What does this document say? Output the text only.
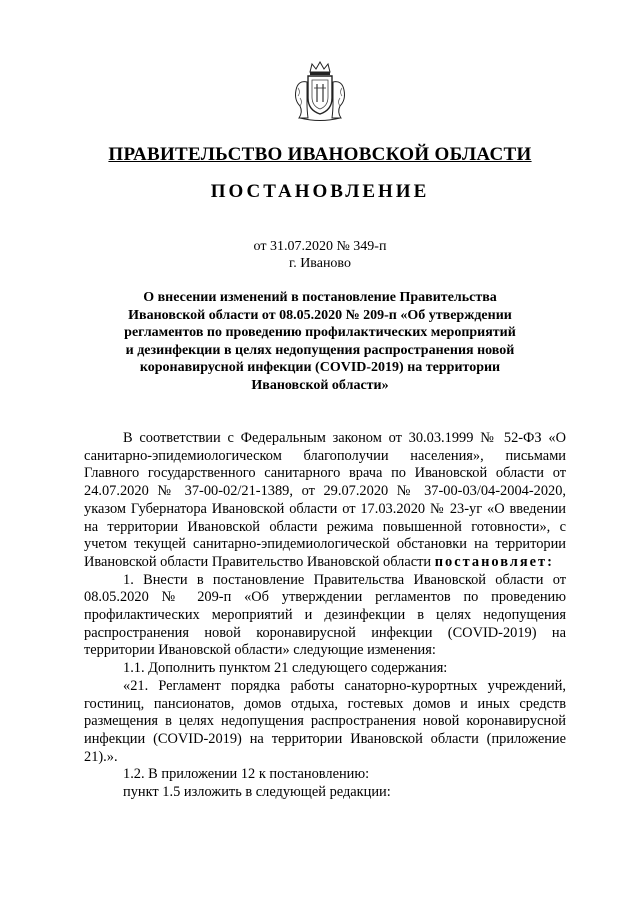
ПРАВИТЕЛЬСТВО ИВАНОВСКОЙ ОБЛАСТИ
ПОСТАНОВЛЕНИЕ
от 31.07.2020 № 349-п
г. Иваново
О внесении изменений в постановление Правительства
Ивановской области от 08.05.2020 № 209-п «Об утверждении
регламентов по проведению профилактических мероприятий
и дезинфекции в целях недопущения распространения новой
коронавирусной инфекции (COVID-2019) на территории
Ивановской области»

В соответствии с Федеральным законом от 30.03.1999 № 52-ФЗ «О санитарно-эпидемиологическом благополучии населения», письмами Главного государственного санитарного врача по Ивановской области от 24.07.2020 № 37-00-02/21-1389, от 29.07.2020 № 37-00-03/04-2004-2020, указом Губернатора Ивановской области от 17.03.2020 № 23-уг «О введении на территории Ивановской области режима повышенной готовности», с учетом текущей санитарно-эпидемиологической обстановки на территории Ивановской области Правительство Ивановской области постановляет:

1. Внести в постановление Правительства Ивановской области от 08.05.2020 № 209-п «Об утверждении регламентов по проведению профилактических мероприятий и дезинфекции в целях недопущения распространения новой коронавирусной инфекции (COVID-2019) на территории Ивановской области» следующие изменения:

1.1. Дополнить пунктом 21 следующего содержания:

«21. Регламент порядка работы санаторно-курортных учреждений, гостиниц, пансионатов, домов отдыха, гостевых домов и иных средств размещения в целях недопущения распространения новой коронавирусной инфекции (COVID-2019) на территории Ивановской области (приложение 21).».

1.2. В приложении 12 к постановлению:

пункт 1.5 изложить в следующей редакции:
